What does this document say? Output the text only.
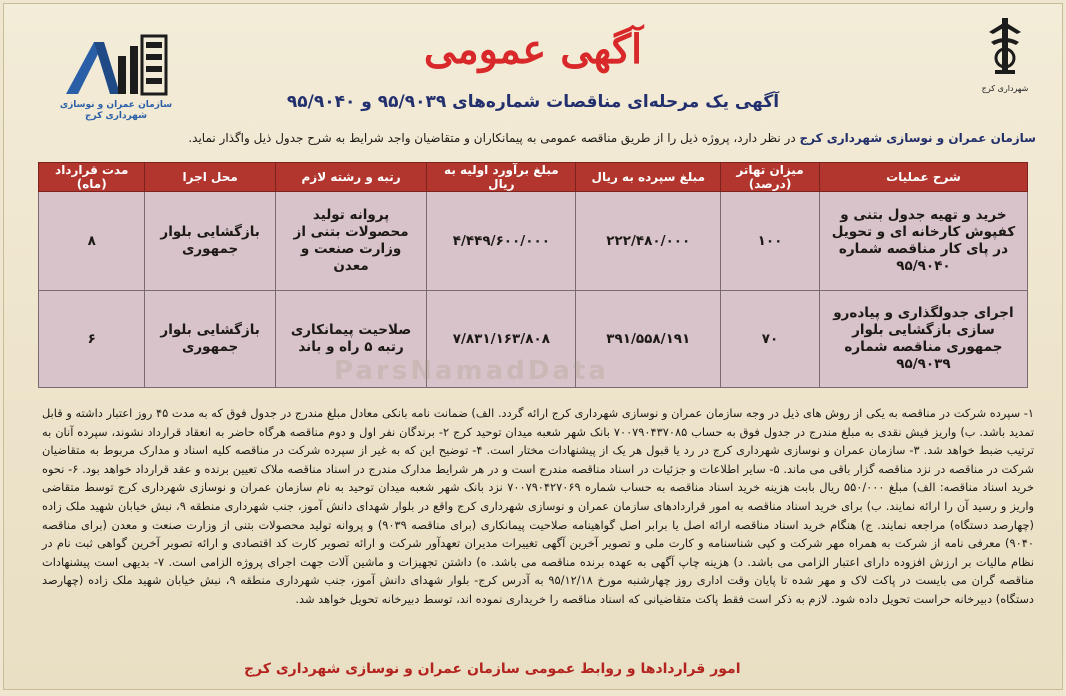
شهرداری کرج
آگهی عمومی
سازمان عمران و نوسازی شهرداری کرج
آگهی یک مرحله‌ای مناقصات شماره‌های ۹۵/۹۰۳۹ و ۹۵/۹۰۴۰
سازمان عمران و نوسازی شهرداری کرج در نظر دارد، پروژه ذیل را از طریق مناقصه عمومی به پیمانکاران و متقاضیان واجد شرایط به شرح جدول ذیل واگذار نماید.
شرح عملیات	میزان تهاتر (درصد)	مبلغ سپرده به ریال	مبلغ برآورد اولیه به ریال	رتبه و رشته لازم	محل اجرا	مدت قرارداد (ماه)
خرید و تهیه جدول بتنی و کفپوش کارخانه ای و تحویل در پای کار مناقصه شماره ۹۵/۹۰۴۰	۱۰۰	۲۲۲/۴۸۰/۰۰۰	۴/۴۴۹/۶۰۰/۰۰۰	پروانه تولید محصولات بتنی از وزارت صنعت و معدن	بازگشایی بلوار جمهوری	۸
اجرای جدولگذاری و پیاده‌رو سازی بازگشایی بلوار جمهوری مناقصه شماره ۹۵/۹۰۳۹	۷۰	۳۹۱/۵۵۸/۱۹۱	۷/۸۳۱/۱۶۳/۸۰۸	صلاحیت پیمانکاری رتبه ۵ راه و باند	بازگشایی بلوار جمهوری	۶
ParsNamadData

۱- سپرده شرکت در مناقصه به یکی از روش های ذیل در وجه سازمان عمران و نوسازی شهرداری کرج ارائه گردد. الف) ضمانت نامه بانکی معادل مبلغ مندرج در جدول فوق که به مدت ۴۵ روز اعتبار داشته و قابل تمدید باشد. ب) واریز فیش نقدی به مبلغ مندرج در جدول فوق به حساب ۷۰۰۷۹۰۴۳۷۰۸۵ بانک شهر شعبه میدان توحید کرج ۲- برندگان نفر اول و دوم مناقصه هرگاه حاضر به انعقاد قرارداد نشوند، سپرده آنان به ترتیب ضبط خواهد شد. ۳- سازمان عمران و نوسازی شهرداری کرج در رد یا قبول هر یک از پیشنهادات مختار است. ۴- توضیح این که به غیر از سپرده شرکت در مناقصه کلیه اسناد و مدارک مربوط به متقاضیان شرکت در مناقصه در نزد مناقصه گزار باقی می ماند. ۵- سایر اطلاعات و جزئیات در اسناد مناقصه مندرج است و در هر شرایط مدارک مندرج در اسناد مناقصه ملاک تعیین برنده و عقد قرارداد خواهد بود. ۶- نحوه خرید اسناد مناقصه: الف) مبلغ ۵۵۰/۰۰۰ ریال بابت هزینه خرید اسناد مناقصه به حساب شماره ۷۰۰۷۹۰۴۲۷۰۶۹ نزد بانک شهر شعبه میدان توحید به نام سازمان عمران و نوسازی شهرداری کرج توسط متقاضی واریز و رسید آن را ارائه نمایند. ب) برای خرید اسناد مناقصه به امور قراردادهای سازمان عمران و نوسازی شهرداری کرج واقع در بلوار شهدای دانش آموز، جنب شهرداری منطقه ۹، نبش خیابان شهید ملک زاده (چهارصد دستگاه) مراجعه نمایند. ج) هنگام خرید اسناد مناقصه ارائه اصل یا برابر اصل گواهینامه صلاحیت پیمانکاری (برای مناقصه ۹۰۳۹) و پروانه تولید محصولات بتنی از وزارت صنعت و معدن (برای مناقصه ۹۰۴۰) معرفی نامه از شرکت به همراه مهر شرکت و کپی شناسنامه و کارت ملی و تصویر آخرین آگهی تغییرات مدیران تعهدآور شرکت و ارائه تصویر کارت کد اقتصادی و ارائه تصویر آخرین گواهی ثبت نام در نظام مالیات بر ارزش افزوده دارای اعتبار الزامی می باشد. د) هزینه چاپ آگهی به عهده برنده مناقصه می باشد. ه) داشتن تجهیزات و ماشین آلات جهت اجرای پروژه الزامی است. ۷- بدیهی است پیشنهادات مناقصه گران می بایست در پاکت لاک و مهر شده تا پایان وقت اداری روز چهارشنبه مورخ ۹۵/۱۲/۱۸ به آدرس کرج- بلوار شهدای دانش آموز، جنب شهرداری منطقه ۹، نبش خیابان شهید ملک زاده (چهارصد دستگاه) دبیرخانه حراست تحویل داده شود. لازم به ذکر است فقط پاکت متقاضیانی که اسناد مناقصه را خریداری نموده اند، توسط دبیرخانه تحویل خواهد شد.

امور قراردادها و روابط عمومی سازمان عمران و نوسازی شهرداری کرج
